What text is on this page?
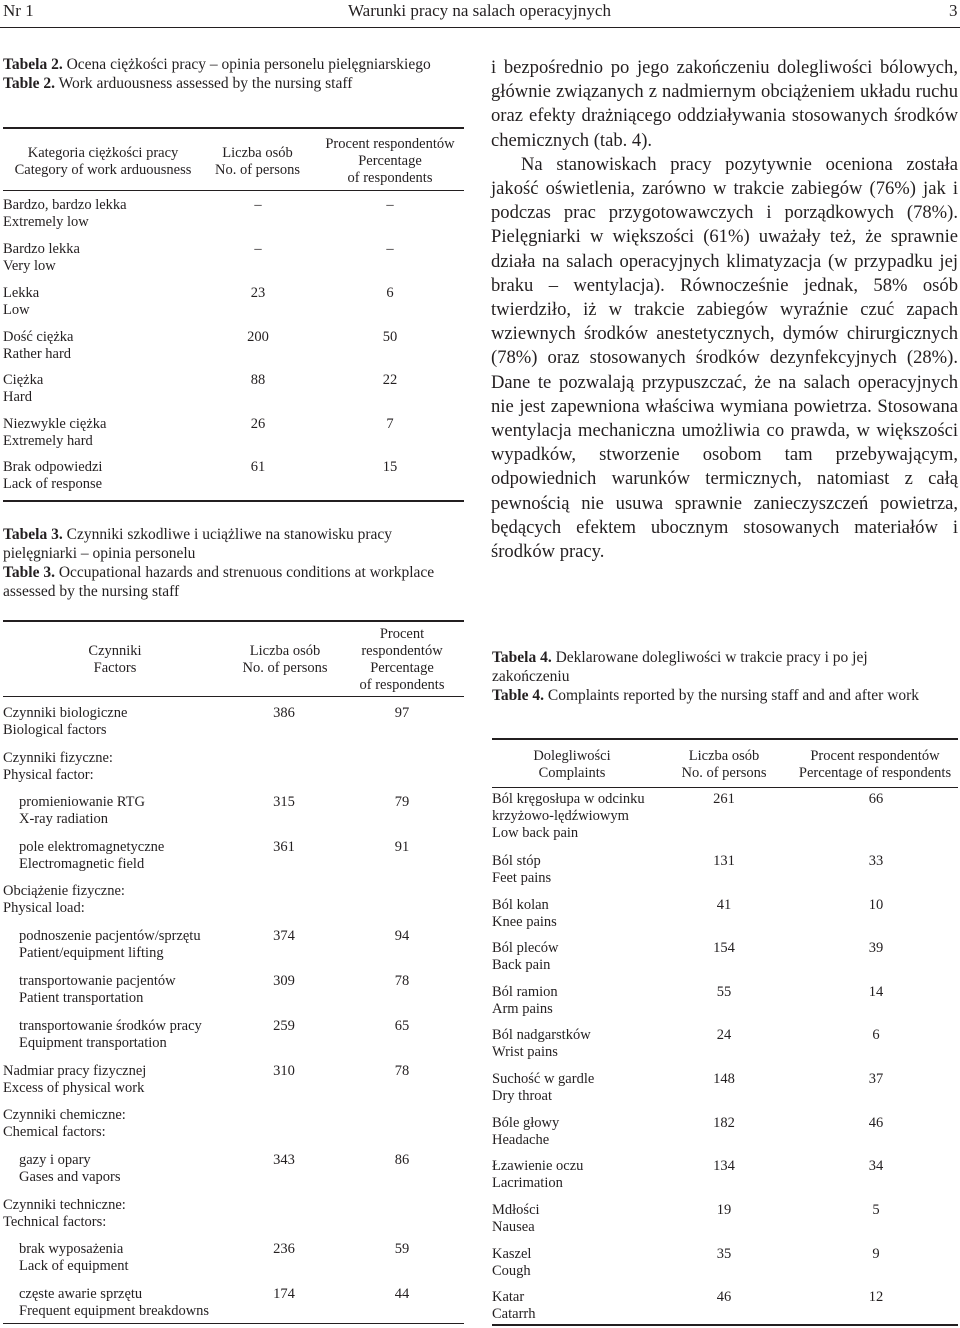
Nr 1	Warunki pracy na salach operacyjnych	3
Tabela 2. Ocena ciężkości pracy – opinia personelu pielęgniarskiego
Table 2. Work arduousness assessed by the nursing staff
Kategoria ciężkości pracy
Category of work arduousness
Liczba osób
No. of persons
Procent respondentów
Percentage
of respondents
Bardzo, bardzo lekka
Extremely low
–	–
Bardzo lekka
Very low
–	–
Lekka
Low
23	6
Dość ciężka
Rather hard
200	50
Ciężka
Hard
88	22
Niezwykle ciężka
Extremely hard
26	7
Brak odpowiedzi
Lack of response
61	15
Tabela 3. Czynniki szkodliwe i uciążliwe na stanowisku pracy pielęgniarki – opinia personelu
Table 3. Occupational hazards and strenuous conditions at workplace assessed by the nursing staff
Czynniki
Factors
Liczba osób
No. of persons
Procent
respondentów
Percentage
of respondents
Czynniki biologiczne
Biological factors
386	97
Czynniki fizyczne:
Physical factor:
promieniowanie RTG
X-ray radiation
315	79
pole elektromagnetyczne
Electromagnetic field
361	91
Obciążenie fizyczne:
Physical load:
podnoszenie pacjentów/sprzętu
Patient/equipment lifting
374	94
transportowanie pacjentów
Patient transportation
309	78
transportowanie środków pracy
Equipment transportation
259	65
Nadmiar pracy fizycznej
Excess of physical work
310	78
Czynniki chemiczne:
Chemical factors:
gazy i opary
Gases and vapors
343	86
Czynniki techniczne:
Technical factors:
brak wyposażenia
Lack of equipment
236	59
częste awarie sprzętu
Frequent equipment breakdowns
174	44

i bezpośrednio po jego zakończeniu dolegliwości bólowych, głównie związanych z nadmiernym obciążeniem układu ruchu oraz efekty drażniącego oddziaływania stosowanych środków chemicznych (tab. 4).

Na stanowiskach pracy pozytywnie oceniona została jakość oświetlenia, zarówno w trakcie zabiegów (76%) jak i podczas prac przygotowawczych i porządkowych (78%). Pielęgniarki w większości (61%) uważały też, że sprawnie działa na salach operacyjnych klimatyzacja (w przypadku jej braku – wentylacja). Równocześnie jednak, 58% osób twierdziło, iż w trakcie zabiegów wyraźnie czuć zapach wziewnych środków anestetycznych, dymów chirurgicznych (78%) oraz stosowanych środków dezynfekcyjnych (28%). Dane te pozwalają przypuszczać, że na salach operacyjnych nie jest zapewniona właściwa wymiana powietrza. Stosowana wentylacja mechaniczna umożliwia co prawda, w większości wypadków, stworzenie osobom tam przebywającym, odpowiednich warunków termicznych, natomiast z całą pewnością nie usuwa sprawnie zanieczyszczeń powietrza, będących efektem ubocznym stosowanych materiałów i środków pracy.

Tabela 4. Deklarowane dolegliwości w trakcie pracy i po jej zakończeniu
Table 4. Complaints reported by the nursing staff and and after work
Dolegliwości
Complaints
Liczba osób
No. of persons
Procent respondentów
Percentage of respondents
Ból kręgosłupa w odcinku
krzyżowo-lędźwiowym
Low back pain
261	66
Ból stóp
Feet pains
131	33
Ból kolan
Knee pains
41	10
Ból pleców
Back pain
154	39
Ból ramion
Arm pains
55	14
Ból nadgarstków
Wrist pains
24	6
Suchość w gardle
Dry throat
148	37
Bóle głowy
Headache
182	46
Łzawienie oczu
Lacrimation
134	34
Mdłości
Nausea
19	5
Kaszel
Cough
35	9
Katar
Catarrh
46	12
